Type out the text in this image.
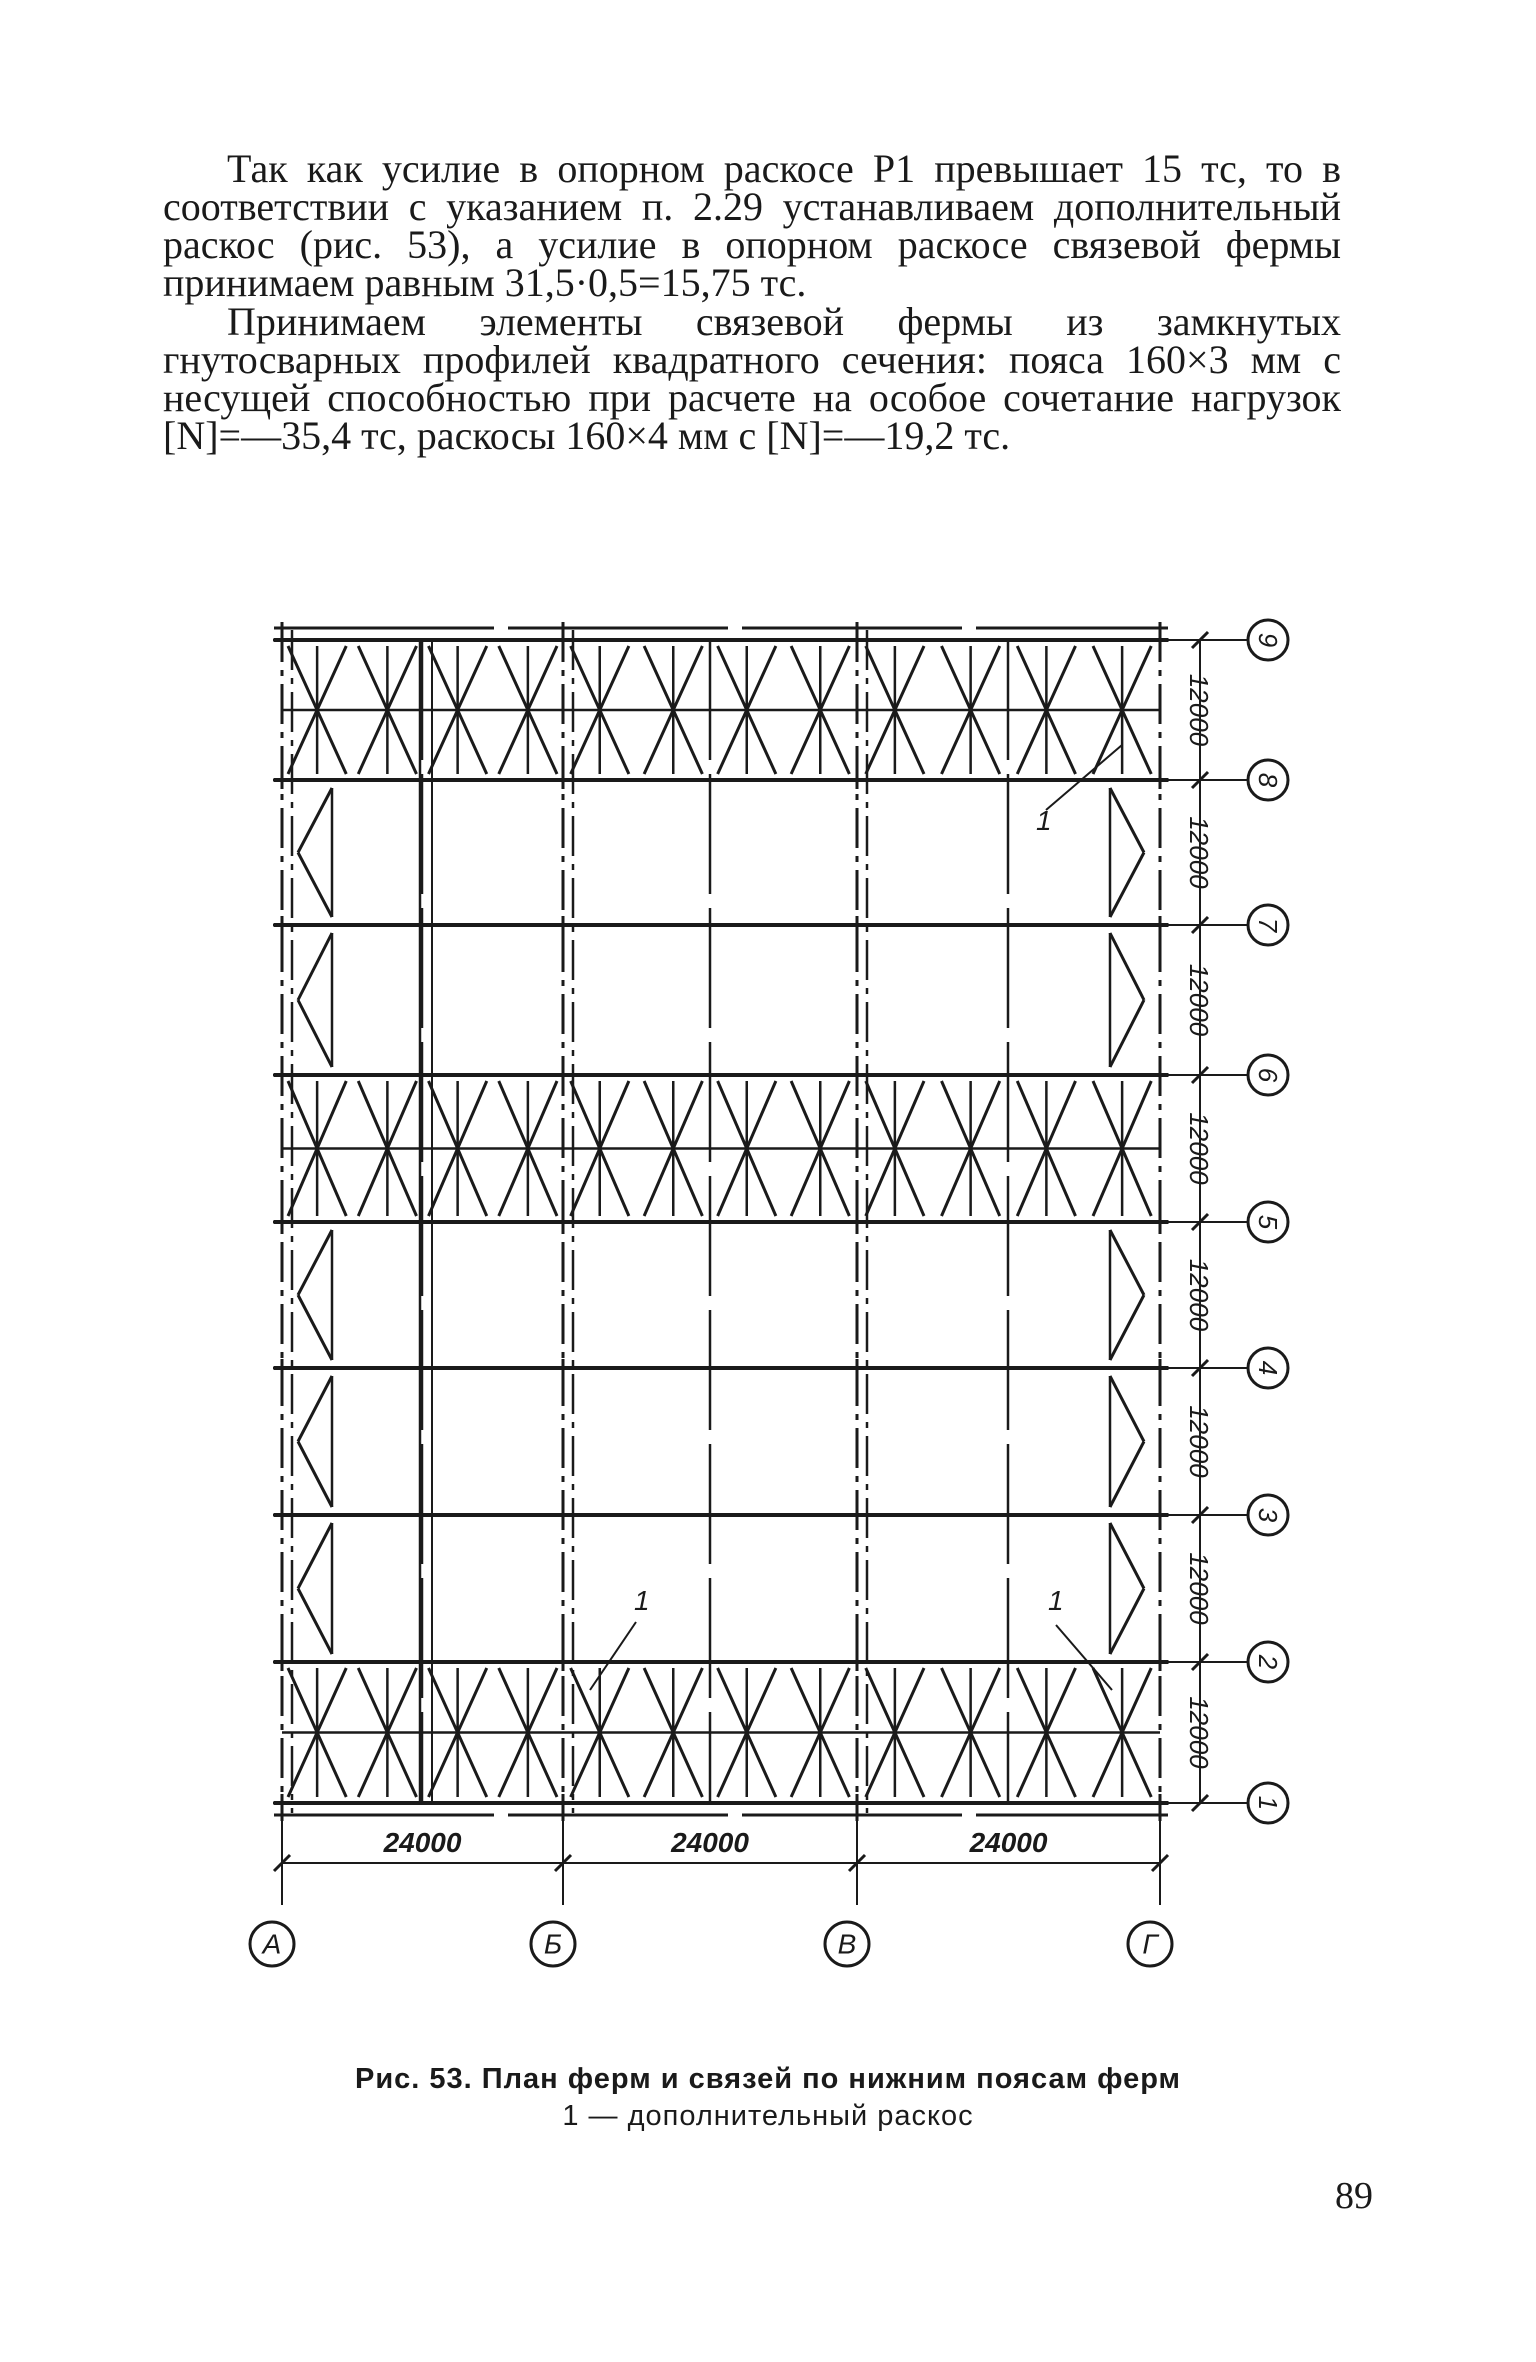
Так как усилие в опорном раскосе P1 превышает 15 тс, то в соответствии с указанием п. 2.29 устанавливаем дополнительный раскос (рис. 53), а усилие в опорном раскосе связевой фермы принимаем равным 31,5·0,5=15,75 тс.

Принимаем элементы связевой фермы из замкнутых гнутосварных профилей квадратного сечения: пояса 160×3 мм с несущей способностью при расчете на особое сочетание нагрузок [N]=—35,4 тс, раскосы 160×4 мм с [N]=—19,2 тс.

9
8
7
6
5
4
3
2
1
А	Б	В	Г
12000
12000
12000
12000
12000
12000
12000
12000
24000	24000	24000
1
1	1

Рис. 53. План ферм и связей по нижним поясам ферм

1 — дополнительный раскос

89
